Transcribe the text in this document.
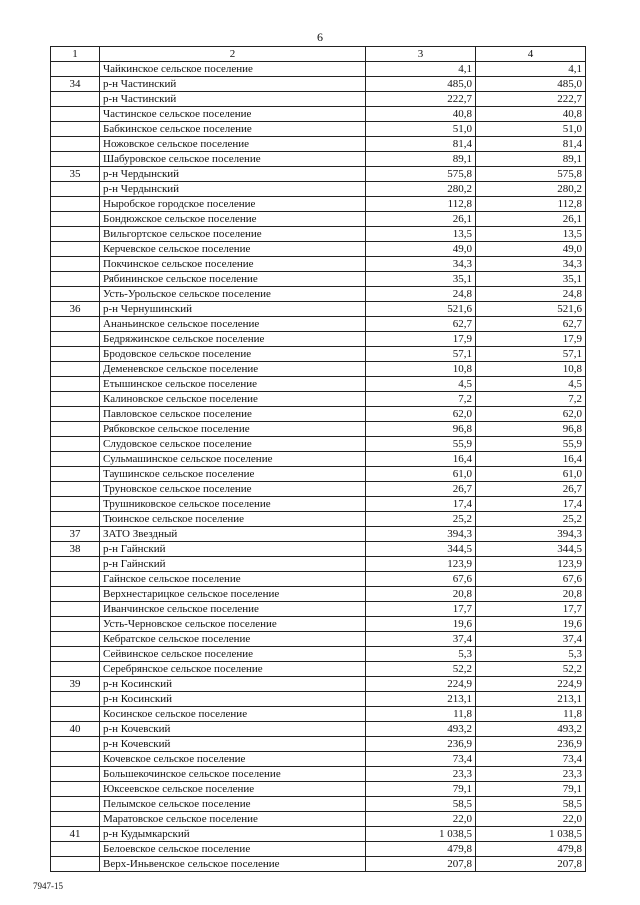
6
1	2	3	4
	Чайкинское сельское поселение	4,1	4,1
34	р-н Частинский	485,0	485,0
	р-н Частинский	222,7	222,7
	Частинское сельское поселение	40,8	40,8
	Бабкинское сельское поселение	51,0	51,0
	Ножовское сельское поселение	81,4	81,4
	Шабуровское сельское поселение	89,1	89,1
35	р-н Чердынский	575,8	575,8
	р-н Чердынский	280,2	280,2
	Ныробское городское поселение	112,8	112,8
	Бондюжское сельское поселение	26,1	26,1
	Вильгортское сельское поселение	13,5	13,5
	Керчевское сельское поселение	49,0	49,0
	Покчинское сельское поселение	34,3	34,3
	Рябининское сельское поселение	35,1	35,1
	Усть-Урольское сельское поселение	24,8	24,8
36	р-н Чернушинский	521,6	521,6
	Ананьинское сельское поселение	62,7	62,7
	Бедряжинское сельское поселение	17,9	17,9
	Бродовское сельское поселение	57,1	57,1
	Деменевское сельское поселение	10,8	10,8
	Етышинское сельское поселение	4,5	4,5
	Калиновское сельское поселение	7,2	7,2
	Павловское сельское поселение	62,0	62,0
	Рябковское сельское поселение	96,8	96,8
	Слудовское сельское поселение	55,9	55,9
	Сульмашинское сельское поселение	16,4	16,4
	Таушинское сельское поселение	61,0	61,0
	Труновское сельское поселение	26,7	26,7
	Трушниковское сельское поселение	17,4	17,4
	Тюинское сельское поселение	25,2	25,2
37	ЗАТО Звездный	394,3	394,3
38	р-н Гайнский	344,5	344,5
	р-н Гайнский	123,9	123,9
	Гайнское сельское поселение	67,6	67,6
	Верхнестарицкое сельское поселение	20,8	20,8
	Иванчинское сельское поселение	17,7	17,7
	Усть-Черновское сельское поселение	19,6	19,6
	Кебратское сельское поселение	37,4	37,4
	Сейвинское сельское поселение	5,3	5,3
	Серебрянское сельское поселение	52,2	52,2
39	р-н Косинский	224,9	224,9
	р-н Косинский	213,1	213,1
	Косинское сельское поселение	11,8	11,8
40	р-н Кочевский	493,2	493,2
	р-н Кочевский	236,9	236,9
	Кочевское сельское поселение	73,4	73,4
	Большекочинское сельское поселение	23,3	23,3
	Юксеевское сельское поселение	79,1	79,1
	Пелымское сельское поселение	58,5	58,5
	Маратовское сельское поселение	22,0	22,0
41	р-н Кудымкарский	1 038,5	1 038,5
	Белоевское сельское поселение	479,8	479,8
	Верх-Иньвенское сельское поселение	207,8	207,8
7947-15
